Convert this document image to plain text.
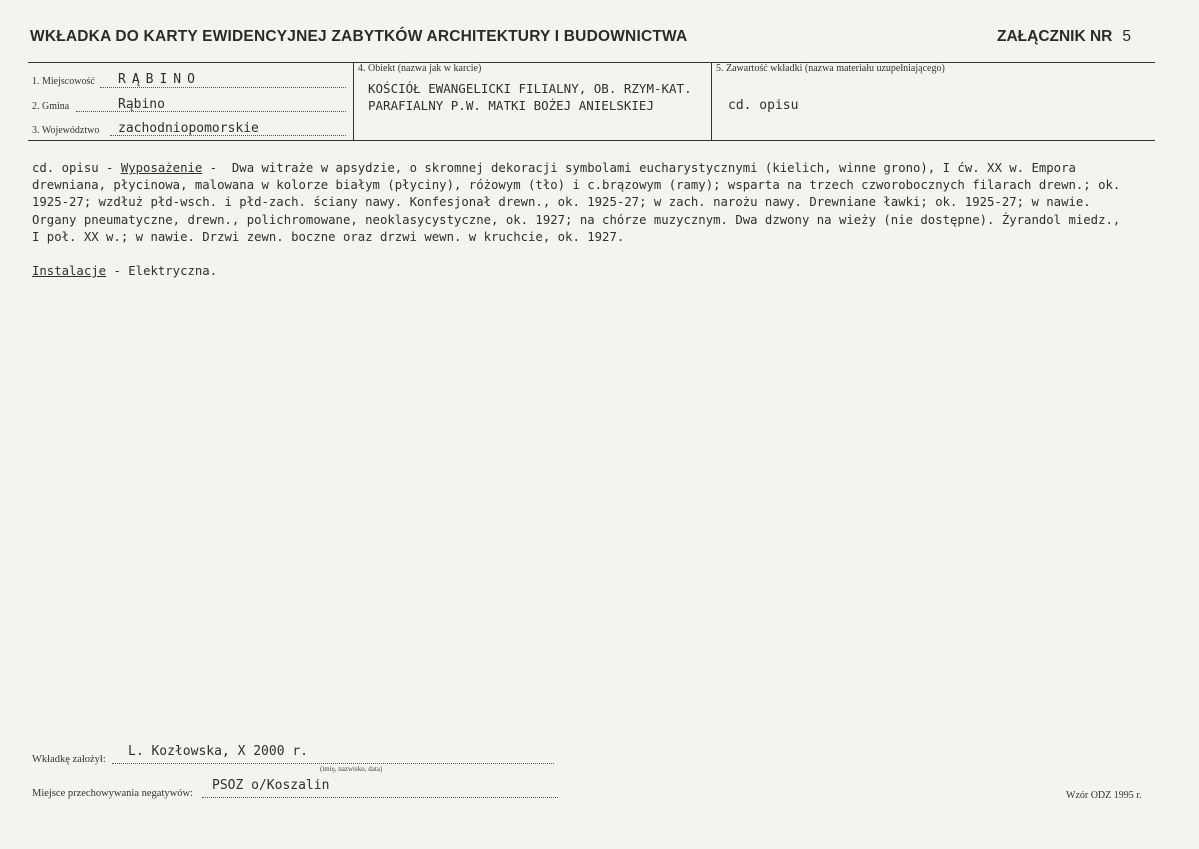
WKŁADKA DO KARTY EWIDENCYJNEJ ZABYTKÓW ARCHITEKTURY I BUDOWNICTWA	ZAŁĄCZNIK NR 5
1. Miejscowość RĄBINO
2. Gmina	Rąbino
3. Województwo zachodniopomorskie
4. Obiekt (nazwa jak w karcie)
KOŚCIÓŁ EWANGELICKI FILIALNY, OB. RZYM-KAT. PARAFIALNY P.W. MATKI BOŻEJ ANIELSKIEJ
5. Zawartość wkładki (nazwa materiału uzupełniającego)
cd. opisu
cd. opisu - Wyposażenie -  Dwa witraże w apsydzie, o skromnej dekoracji symbolami eucharystycznymi (kielich, winne grono), I ćw. XX w. Empora drewniana, płycinowa, malowana w kolorze białym (płyciny), różowym (tło) i c.brązowym (ramy); wsparta na trzech czworobocznych filarach drewn.; ok. 1925-27; wzdłuż płd-wsch. i płd-zach. ściany nawy. Konfesjonał drewn., ok. 1925-27; w zach. narożu nawy. Drewniane ławki; ok. 1925-27; w nawie. Organy pneumatyczne, drewn., polichromowane, neoklasycystyczne, ok. 1927; na chórze muzycznym. Dwa dzwony na wieży (nie dostępne). Żyrandol miedz., I poł. XX w.; w nawie. Drzwi zewn. boczne oraz drzwi wewn. w kruchcie, ok. 1927.

Instalacje - Elektryczna.
Wkładkę założył:
L. Kozłowska, X 2000 r.
(imię, nazwisko, data)
Miejsce przechowywania negatywów:
PSOZ o/Koszalin
Wzór ODZ 1995 r.
